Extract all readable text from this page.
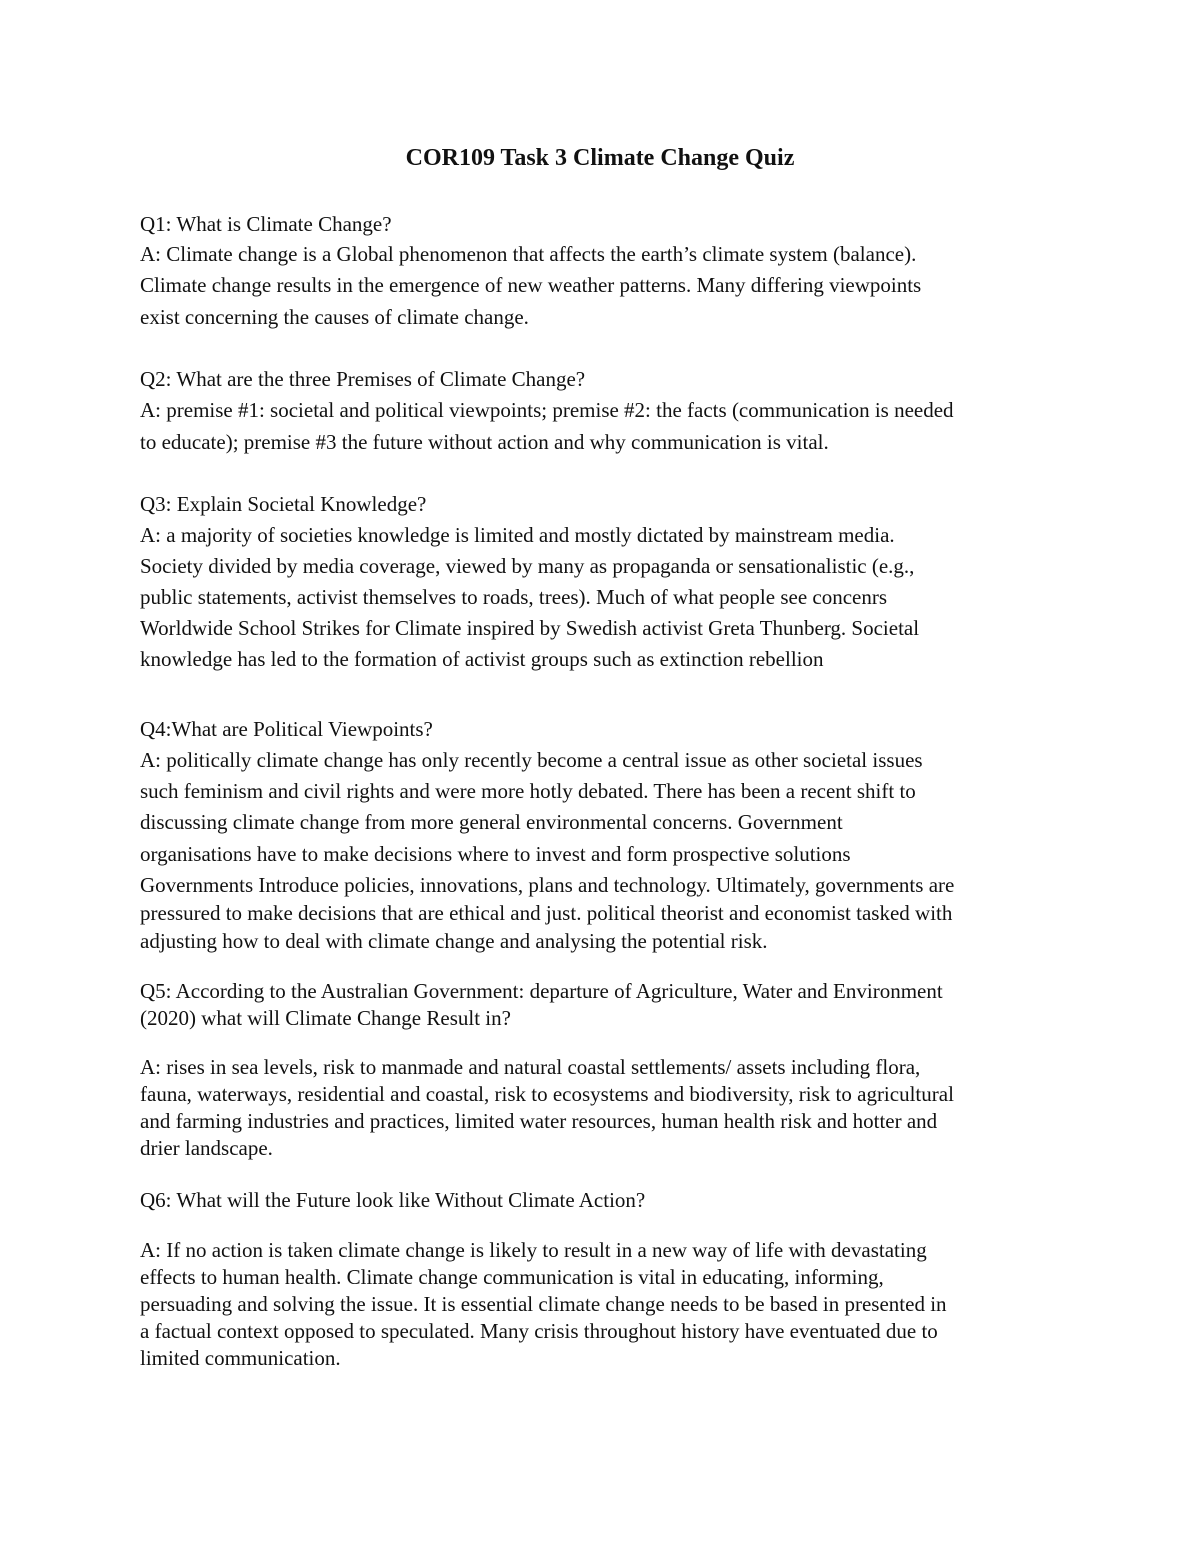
COR109 Task 3 Climate Change Quiz
Q1: What is Climate Change?
A: Climate change is a Global phenomenon that affects the earth’s climate system (balance).
Climate change results in the emergence of new weather patterns. Many differing viewpoints
exist concerning the causes of climate change.
Q2: What are the three Premises of Climate Change?
A: premise #1: societal and political viewpoints; premise #2: the facts (communication is needed
to educate); premise #3 the future without action and why communication is vital.
Q3: Explain Societal Knowledge?
A: a majority of societies knowledge is limited and mostly dictated by mainstream media.
Society divided by media coverage, viewed by many as propaganda or sensationalistic (e.g.,
public statements, activist themselves to roads, trees). Much of what people see concenrs
Worldwide School Strikes for Climate inspired by Swedish activist Greta Thunberg. Societal
knowledge has led to the formation of activist groups such as extinction rebellion
Q4:What are Political Viewpoints?
A: politically climate change has only recently become a central issue as other societal issues
such feminism and civil rights and were more hotly debated. There has been a recent shift to
discussing climate change from more general environmental concerns. Government
organisations have to make decisions where to invest and form prospective solutions
Governments Introduce policies, innovations, plans and technology. Ultimately, governments are
pressured to make decisions that are ethical and just. political theorist and economist tasked with
adjusting how to deal with climate change and analysing the potential risk.
Q5: According to the Australian Government: departure of Agriculture, Water and Environment
(2020) what will Climate Change Result in?
A: rises in sea levels, risk to manmade and natural coastal settlements/ assets including flora,
fauna, waterways, residential and coastal, risk to ecosystems and biodiversity, risk to agricultural
and farming industries and practices, limited water resources, human health risk and hotter and
drier landscape.
Q6: What will the Future look like Without Climate Action?
A: If no action is taken climate change is likely to result in a new way of life with devastating
effects to human health. Climate change communication is vital in educating, informing,
persuading and solving the issue. It is essential climate change needs to be based in presented in
a factual context opposed to speculated. Many crisis throughout history have eventuated due to
limited communication.
